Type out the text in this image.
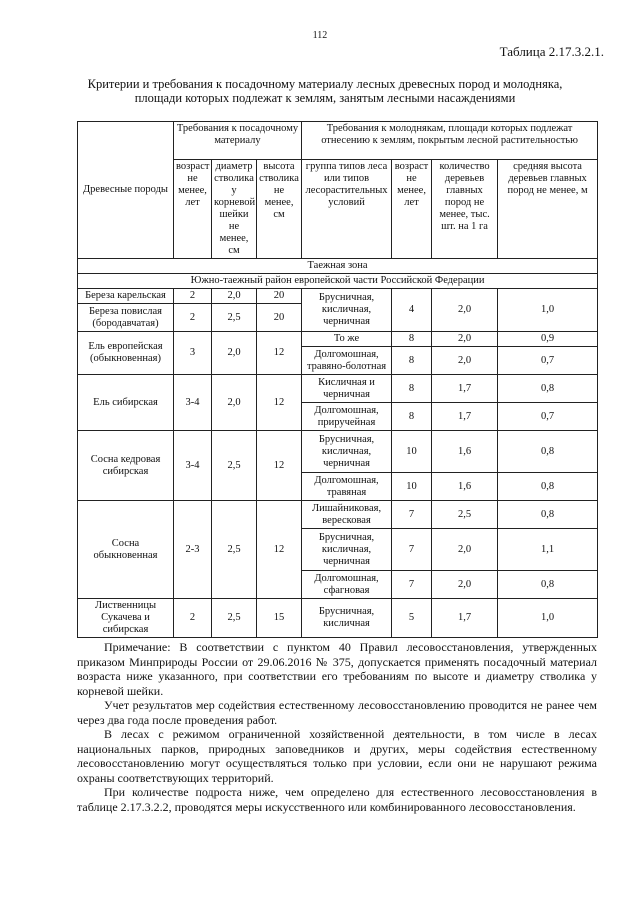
112
Таблица 2.17.3.2.1.
Критерии и требования к посадочному материалу лесных древесных пород и молодняка, площади которых подлежат к землям, занятым лесными насаждениями
Древесные породы	Требования к посадочному материалу			Требования к молоднякам, площади которых подлежат отнесению к землям, покрытым лесной растительностью			
	возраст не менее, лет	диаметр стволика у корневой шейки не менее, см	высота стволика не менее, см	группа типов леса или типов лесорастительных условий	возраст не менее, лет	количество деревьев главных пород не менее, тыс. шт. на 1 га	средняя высота деревьев главных пород не менее, м
Таежная зона							
Южно-таежный район европейской части Российской Федерации							
Береза карельская	2	2,0	20	Брусничная, кисличная, черничная	4	2,0	1,0
Береза повислая (бородавчатая)	2	2,5	20				
Ель европейская (обыкновенная)	3	2,0	12	То же	8	2,0	0,9
				Долгомошная, травяно-болотная	8	2,0	0,7
Ель сибирская	3-4	2,0	12	Кисличная и черничная	8	1,7	0,8
				Долгомошная, приручейная	8	1,7	0,7
Сосна кедровая сибирская	3-4	2,5	12	Брусничная, кисличная, черничная	10	1,6	0,8
				Долгомошная, травяная	10	1,6	0,8
Сосна обыкновенная	2-3	2,5	12	Лишайниковая, вересковая	7	2,5	0,8
				Брусничная, кисличная, черничная	7	2,0	1,1
				Долгомошная, сфагновая	7	2,0	0,8
Лиственницы Сукачева и сибирская	2	2,5	15	Брусничная, кисличная	5	1,7	1,0

Примечание: В соответствии с пунктом 40 Правил лесовосстановления, утвержденных приказом Минприроды России от 29.06.2016 № 375, допускается применять посадочный материал возраста ниже указанного, при соответствии его требованиям по высоте и диаметру стволика у корневой шейки.

Учет результатов мер содействия естественному лесовосстановлению проводится не ранее чем через два года после проведения работ.

В лесах с режимом ограниченной хозяйственной деятельности, в том числе в лесах национальных парков, природных заповедников и других, меры содействия естественному лесовосстановлению могут осуществляться только при условии, если они не нарушают режима охраны соответствующих территорий.

При количестве подроста ниже, чем определено для естественного лесовосстановления в таблице 2.17.3.2.2, проводятся меры искусственного или комбинированного лесовосстановления.
